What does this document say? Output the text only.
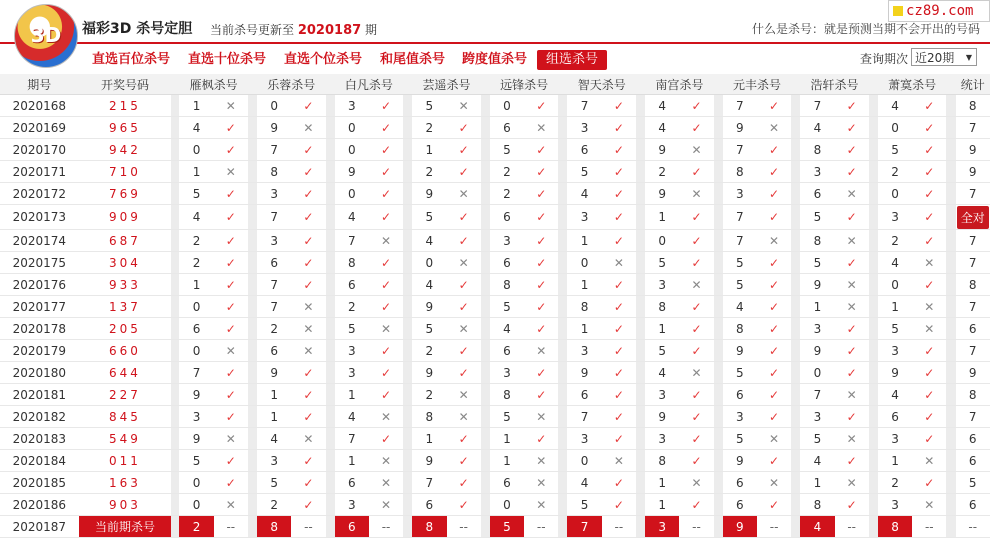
3D	福彩3D 杀号定胆 当前杀号更新至 2020187 期	什么是杀号：就是预测当期不会开出的号码
cz89.com
直选百位杀号 直选十位杀号 直选个位杀号 和尾值杀号 跨度值杀号	组选杀号	查询期次 近20期 ▼
期号	开奖号码		雁枫杀号			乐蓉杀号			白凡杀号			芸遥杀号			远锋杀号			智天杀号			南宫杀号			元丰杀号			浩轩杀号			萧寞杀号			统计
2020168	215		1	✕		0	✓		3	✓		5	✕		0	✓		7	✓		4	✓		7	✓		7	✓		4	✓		8
2020169	965		4	✓		9	✕		0	✓		2	✓		6	✕		3	✓		4	✓		9	✕		4	✓		0	✓		7
2020170	942		0	✓		7	✓		0	✓		1	✓		5	✓		6	✓		9	✕		7	✓		8	✓		5	✓		9
2020171	710		1	✕		8	✓		9	✓		2	✓		2	✓		5	✓		2	✓		8	✓		3	✓		2	✓		9
2020172	769		5	✓		3	✓		0	✓		9	✕		2	✓		4	✓		9	✕		3	✓		6	✕		0	✓		7
2020173	909		4	✓		7	✓		4	✓		5	✓		6	✓		3	✓		1	✓		7	✓		5	✓		3	✓		全对
2020174	687		2	✓		3	✓		7	✕		4	✓		3	✓		1	✓		0	✓		7	✕		8	✕		2	✓		7
2020175	304		2	✓		6	✓		8	✓		0	✕		6	✓		0	✕		5	✓		5	✓		5	✓		4	✕		7
2020176	933		1	✓		7	✓		6	✓		4	✓		8	✓		1	✓		3	✕		5	✓		9	✕		0	✓		8
2020177	137		0	✓		7	✕		2	✓		9	✓		5	✓		8	✓		8	✓		4	✓		1	✕		1	✕		7
2020178	205		6	✓		2	✕		5	✕		5	✕		4	✓		1	✓		1	✓		8	✓		3	✓		5	✕		6
2020179	660		0	✕		6	✕		3	✓		2	✓		6	✕		3	✓		5	✓		9	✓		9	✓		3	✓		7
2020180	644		7	✓		9	✓		3	✓		9	✓		3	✓		9	✓		4	✕		5	✓		0	✓		9	✓		9
2020181	227		9	✓		1	✓		1	✓		2	✕		8	✓		6	✓		3	✓		6	✓		7	✕		4	✓		8
2020182	845		3	✓		1	✓		4	✕		8	✕		5	✕		7	✓		9	✓		3	✓		3	✓		6	✓		7
2020183	549		9	✕		4	✕		7	✓		1	✓		1	✓		3	✓		3	✓		5	✕		5	✕		3	✓		6
2020184	011		5	✓		3	✓		1	✕		9	✓		1	✕		0	✕		8	✓		9	✓		4	✓		1	✕		6
2020185	163		0	✓		5	✓		6	✕		7	✓		6	✕		4	✓		1	✕		6	✕		1	✕		2	✓		5
2020186	903		0	✕		2	✓		3	✕		6	✓		0	✕		5	✓		1	✓		6	✓		8	✓		3	✕		6
2020187	当前期杀号		2	--		8	--		6	--		8	--		5	--		7	--		3	--		9	--		4	--		8	--		--
